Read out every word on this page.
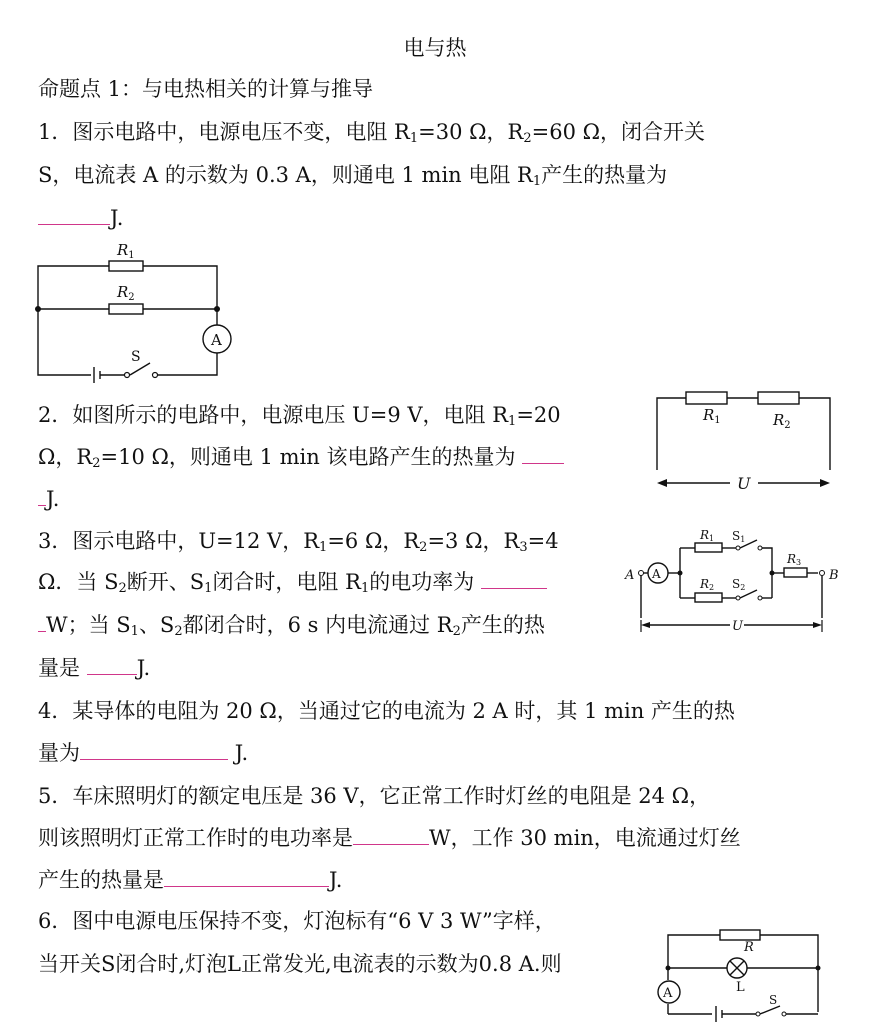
电与热
命题点 1：与电热相关的计算与推导
1．图示电路中，电源电压不变，电阻 $R_1=30$ Ω，$R_2=60$ Ω，闭合开关
S，电流表 A 的示数为 0.3 A，则通电 1 min 电阻 $R_1$产生的热量为
J.
$R_1$
$R_2$
A
S
2．如图所示的电路中，电源电压 U=9 V，电阻 $R_1=20$
Ω，$R_2=10$ Ω，则通电 1 min 该电路产生的热量为
J.
$R_1$	$R_2$
U
3．图示电路中，U=12 V，$R_1=6$ Ω，$R_2=3$ Ω，$R_3=4$
Ω．当 $S_2$断开、$S_1$闭合时，电阻 $R_1$的电功率为
W；当 $S_1$、$S_2$都闭合时，6 s 内电流通过 $R_2$产生的热
量是	J.
A
A	B
R1 S1
R2 S2
R3
U
4．某导体的电阻为 20 Ω，当通过它的电流为 2 A 时，其 1 min 产生的热
量为	J.
5．车床照明灯的额定电压是 36 V，它正常工作时灯丝的电阻是 24 Ω，
则该照明灯正常工作时的电功率是	W，工作 30 min，电流通过灯丝
产生的热量是	J.
6．图中电源电压保持不变，灯泡标有“6 V 3 W”字样，
当开关S闭合时,灯泡L正常发光,电流表的示数为0.8 A.则
A
R
L
S
